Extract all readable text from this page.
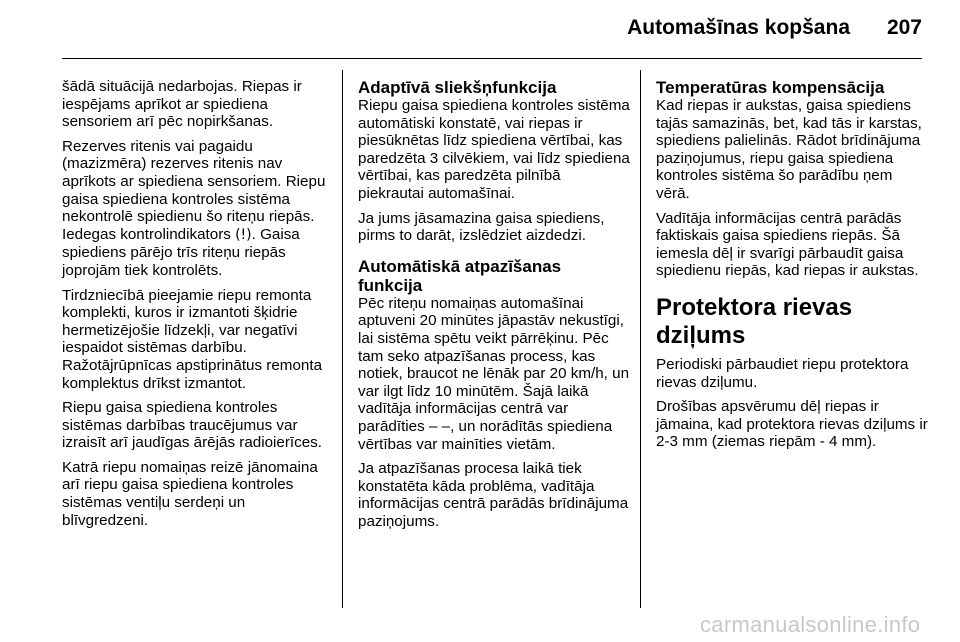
Automašīnas kopšana 207

šādā situācijā nedarbojas. Riepas ir iespējams aprīkot ar spiediena sensoriem arī pēc nopirkšanas.

Rezerves ritenis vai pagaidu (mazizmēra) rezerves ritenis nav aprīkots ar spiediena sensoriem. Riepu gaisa spiediena kontroles sistēma nekontrolē spiedienu šo riteņu riepās. Iedegas kontrolindikators (!). Gaisa spiediens pārējo trīs riteņu riepās joprojām tiek kontrolēts.

Tirdzniecībā pieejamie riepu remonta komplekti, kuros ir izmantoti šķidrie hermetizējošie līdzekļi, var negatīvi iespaidot sistēmas darbību. Ražotājrūpnīcas apstiprinātus remonta komplektus drīkst izmantot.

Riepu gaisa spiediena kontroles sistēmas darbības traucējumus var izraisīt arī jaudīgas ārējās radioierīces.

Katrā riepu nomaiņas reizē jānomaina arī riepu gaisa spiediena kontroles sistēmas ventiļu serdeņi un blīvgredzeni.

Adaptīvā sliekšņfunkcija

Riepu gaisa spiediena kontroles sistēma automātiski konstatē, vai riepas ir piesūknētas līdz spiediena vērtībai, kas paredzēta 3 cilvēkiem, vai līdz spiediena vērtībai, kas paredzēta pilnībā piekrautai automašīnai.

Ja jums jāsamazina gaisa spiediens, pirms to darāt, izslēdziet aizdedzi.

Automātiskā atpazīšanas funkcija

Pēc riteņu nomaiņas automašīnai aptuveni 20 minūtes jāpastāv nekustīgi, lai sistēma spētu veikt pārrēķinu. Pēc tam seko atpazīšanas process, kas notiek, braucot ne lēnāk par 20 km/h, un var ilgt līdz 10 minūtēm. Šajā laikā vadītāja informācijas centrā var parādīties – –, un norādītās spiediena vērtības var mainīties vietām.

Ja atpazīšanas procesa laikā tiek konstatēta kāda problēma, vadītāja informācijas centrā parādās brīdinājuma paziņojums.

Temperatūras kompensācija

Kad riepas ir aukstas, gaisa spiediens tajās samazinās, bet, kad tās ir karstas, spiediens palielinās. Rādot brīdinājuma paziņojumus, riepu gaisa spiediena kontroles sistēma šo parādību ņem vērā.

Vadītāja informācijas centrā parādās faktiskais gaisa spiediens riepās. Šā iemesla dēļ ir svarīgi pārbaudīt gaisa spiedienu riepās, kad riepas ir aukstas.

Protektora rievas dziļums

Periodiski pārbaudiet riepu protektora rievas dziļumu.

Drošības apsvērumu dēļ riepas ir jāmaina, kad protektora rievas dziļums ir 2-3 mm (ziemas riepām - 4 mm).

carmanualsonline.info
